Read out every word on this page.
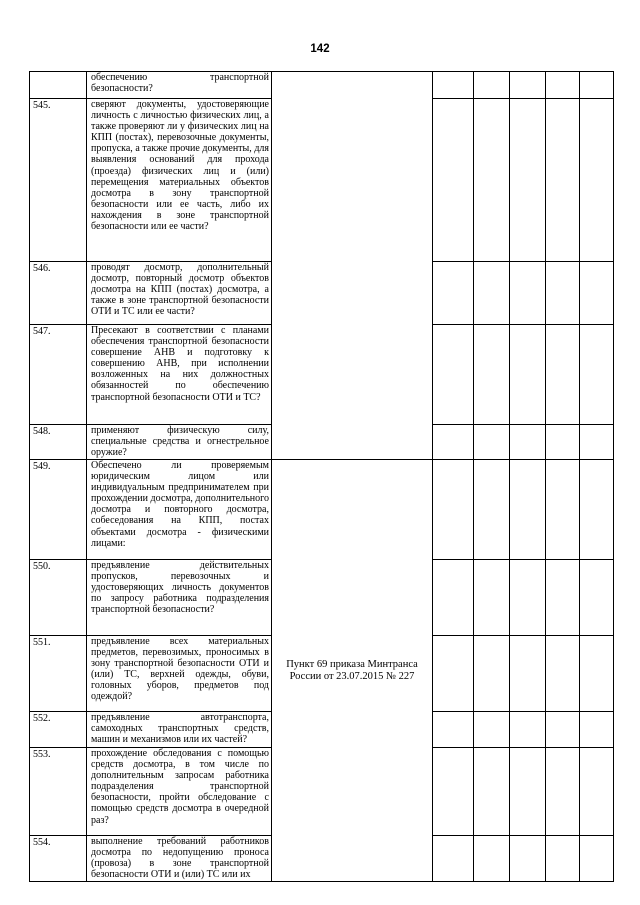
142
	обеспечению транспортной безопасности?						
545.	сверяют документы, удостоверяющие личность с личностью физических лиц, а также проверяют ли у физических лиц на КПП (постах), перевозочные документы, пропуска, а также прочие документы, для выявления оснований для прохода (проезда) физических лиц и (или) перемещения материальных объектов досмотра в зону транспортной безопасности или ее часть, либо их нахождения в зоне транспортной безопасности или ее части?						
546.	проводят досмотр, дополнительный досмотр, повторный досмотр объектов досмотра на КПП (постах) досмотра, а также в зоне транспортной безопасности ОТИ и ТС или ее части?						
547.	Пресекают в соответствии с планами обеспечения транспортной безопасности совершение АНВ и подготовку к совершению АНВ, при исполнении возложенных на них должностных обязанностей по обеспечению транспортной безопасности ОТИ и ТС?						
548.	применяют физическую силу, специальные средства и огнестрельное оружие?						
549.	Обеспечено ли проверяемым юридическим лицом или индивидуальным предпринимателем при прохождении досмотра, дополнительного досмотра и повторного досмотра, собеседования на КПП, постах объектами досмотра - физическими лицами:	Пункт 69 приказа Минтранса России от 23.07.2015 № 227					
550.	предъявление действительных пропусков, перевозочных и удостоверяющих личность документов по запросу работника подразделения транспортной безопасности?						
551.	предъявление всех материальных предметов, перевозимых, проносимых в зону транспортной безопасности ОТИ и (или) ТС, верхней одежды, обуви, головных уборов, предметов под одеждой?						
552.	предъявление автотранспорта, самоходных транспортных средств, машин и механизмов или их частей?						
553.	прохождение обследования с помощью средств досмотра, в том числе по дополнительным запросам работника подразделения транспортной безопасности, пройти обследование с помощью средств досмотра в очередной раз?						
554.	выполнение требований работников досмотра по недопущению проноса (провоза) в зоне транспортной безопасности ОТИ и (или) ТС или их						
